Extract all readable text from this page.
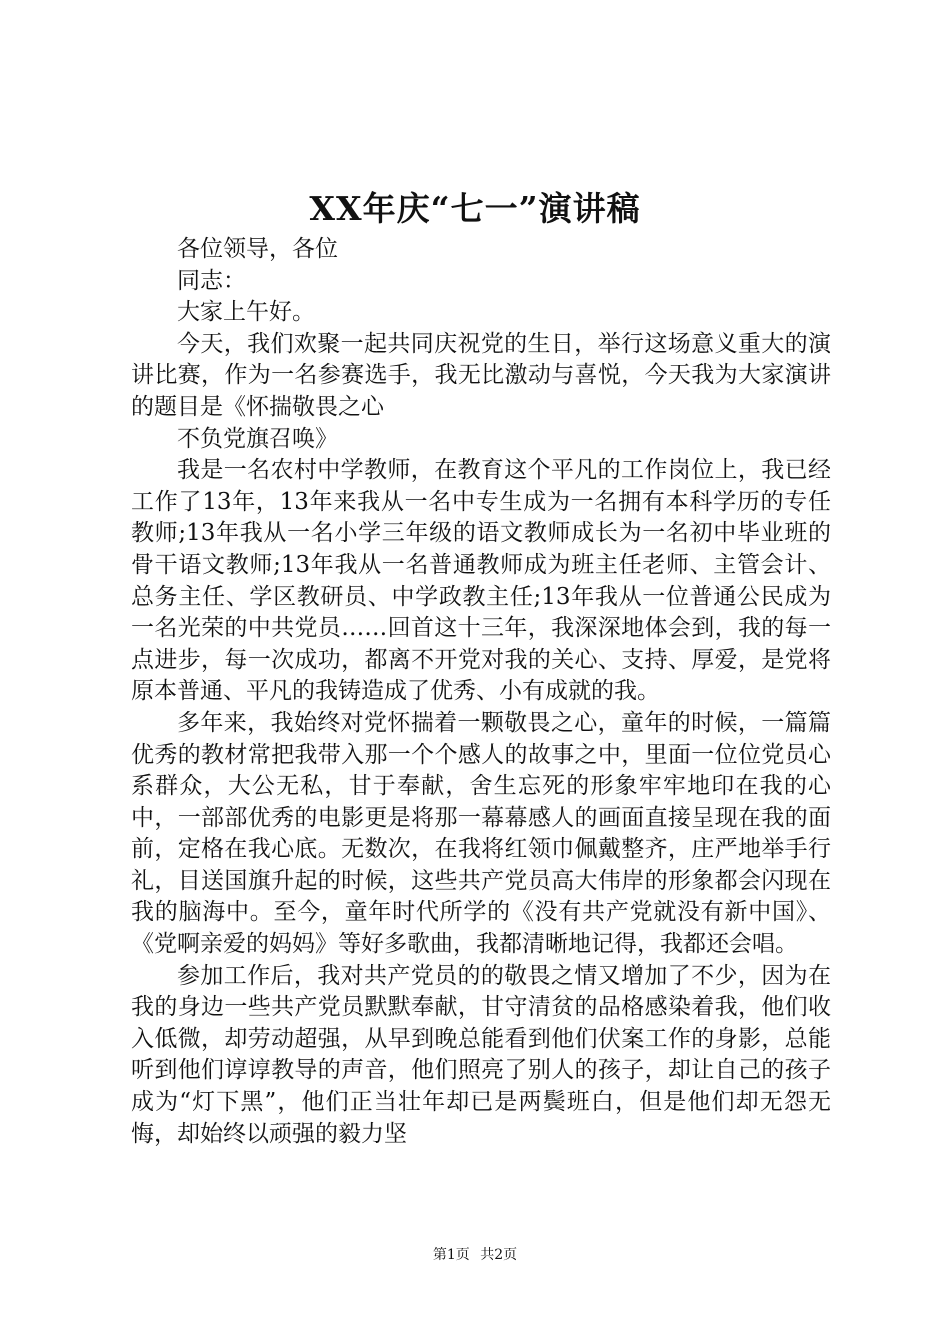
XX年庆“七一”演讲稿

各位领导，各位

同志：

大家上午好。

今天，我们欢聚一起共同庆祝党的生日，举行这场意义重大的演讲比赛，作为一名参赛选手，我无比激动与喜悦，今天我为大家演讲的题目是《怀揣敬畏之心

不负党旗召唤》

我是一名农村中学教师，在教育这个平凡的工作岗位上，我已经工作了13年，13年来我从一名中专生成为一名拥有本科学历的专任教师;13年我从一名小学三年级的语文教师成长为一名初中毕业班的骨干语文教师;13年我从一名普通教师成为班主任老师、主管会计、总务主任、学区教研员、中学政教主任;13年我从一位普通公民成为一名光荣的中共党员……回首这十三年，我深深地体会到，我的每一点进步，每一次成功，都离不开党对我的关心、支持、厚爱，是党将原本普通、平凡的我铸造成了优秀、小有成就的我。

多年来，我始终对党怀揣着一颗敬畏之心，童年的时候，一篇篇优秀的教材常把我带入那一个个感人的故事之中，里面一位位党员心系群众，大公无私，甘于奉献，舍生忘死的形象牢牢地印在我的心中，一部部优秀的电影更是将那一幕幕感人的画面直接呈现在我的面前，定格在我心底。无数次，在我将红领巾佩戴整齐，庄严地举手行礼，目送国旗升起的时候，这些共产党员高大伟岸的形象都会闪现在我的脑海中。至今，童年时代所学的《没有共产党就没有新中国》、《党啊亲爱的妈妈》等好多歌曲，我都清晰地记得，我都还会唱。

参加工作后，我对共产党员的的敬畏之情又增加了不少，因为在我的身边一些共产党员默默奉献，甘守清贫的品格感染着我，他们收入低微，却劳动超强，从早到晚总能看到他们伏案工作的身影，总能听到他们谆谆教导的声音，他们照亮了别人的孩子，却让自己的孩子成为“灯下黑”，他们正当壮年却已是两鬓班白，但是他们却无怨无悔，却始终以顽强的毅力坚

第1页 共2页
